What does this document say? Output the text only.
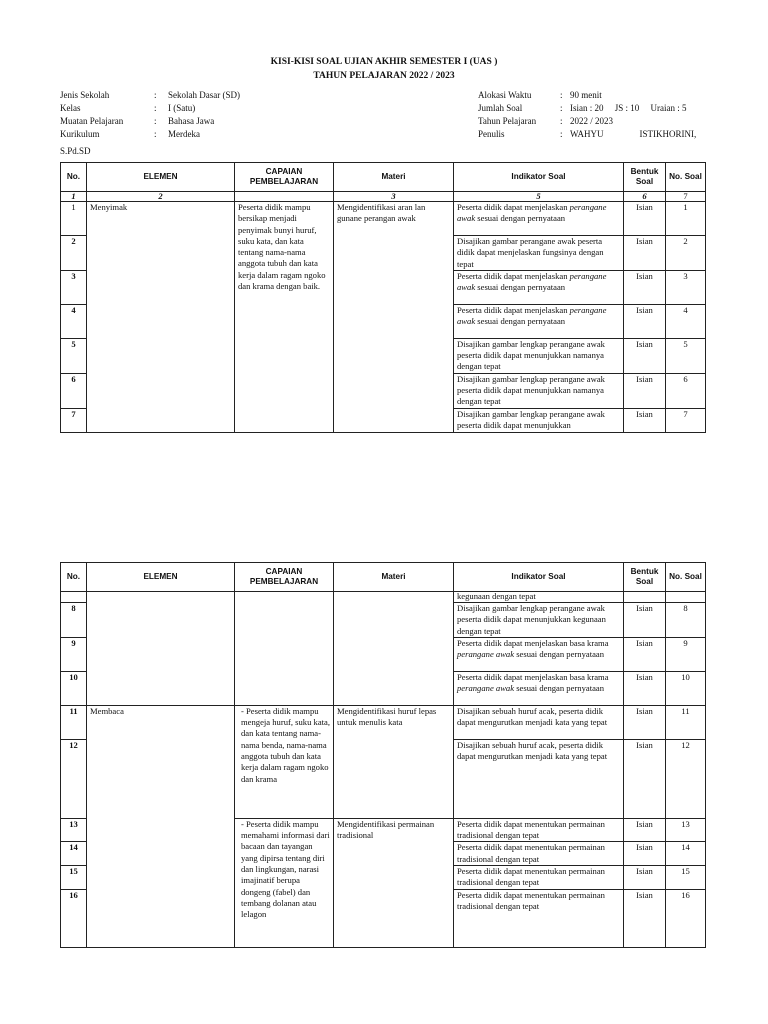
KISI-KISI SOAL UJIAN AKHIR SEMESTER I (UAS )
TAHUN PELAJARAN 2022 / 2023
Jenis Sekolah	:	Sekolah Dasar (SD)
Kelas	:	I (Satu)
Muatan Pelajaran	:	Bahasa Jawa
Kurikulum	:	Merdeka
Alokasi Waktu	: 90 menit
Jumlah Soal	: Isian : 20     JS : 10     Uraian : 5
Tahun Pelajaran	: 2022 / 2023
Penulis	: WAHYU                ISTIKHORINI,
S.Pd.SD
No.	ELEMEN	CAPAIAN PEMBELAJARAN	Materi	Indikator Soal	Bentuk Soal	No. Soal
1	2		3	5	6	7
1	Menyimak	Peserta didik mampu bersikap menjadi penyimak bunyi huruf, suku kata, dan kata tentang nama-nama anggota tubuh dan kata kerja dalam ragam ngoko dan krama dengan baik.	Mengidentifikasi aran lan gunane perangan awak	Peserta didik dapat menjelaskan perangane awak sesuai dengan pernyataan	Isian	1
2				Disajikan gambar perangane awak peserta didik dapat menjelaskan fungsinya dengan tepat	Isian	2
3				Peserta didik dapat menjelaskan perangane awak sesuai dengan pernyataan	Isian	3
4				Peserta didik dapat menjelaskan perangane awak sesuai dengan pernyataan	Isian	4
5				Disajikan gambar lengkap perangane awak peserta didik dapat menunjukkan namanya dengan tepat	Isian	5
6				Disajikan gambar lengkap perangane awak peserta didik dapat menunjukkan namanya dengan tepat	Isian	6
7				Disajikan gambar lengkap perangane awak peserta didik dapat menunjukkan	Isian	7
No.	ELEMEN	CAPAIAN PEMBELAJARAN	Materi	Indikator Soal	Bentuk Soal	No. Soal
				kegunaan dengan tepat		
8				Disajikan gambar lengkap perangane awak peserta didik dapat menunjukkan kegunaan dengan tepat	Isian	8
9				Peserta didik dapat menjelaskan basa krama perangane awak sesuai dengan pernyataan	Isian	9
10				Peserta didik dapat menjelaskan basa krama perangane awak sesuai dengan pernyataan	Isian	10
11	Membaca	- Peserta didik mampu mengeja huruf, suku kata, dan kata tentang nama-nama benda, nama-nama anggota tubuh dan kata kerja dalam ragam ngoko dan krama	Mengidentifikasi huruf lepas untuk menulis kata	Disajikan sebuah huruf acak, peserta didik dapat mengurutkan menjadi kata yang tepat	Isian	11
12				Disajikan sebuah huruf acak, peserta didik dapat mengurutkan menjadi kata yang tepat	Isian	12
13		- Peserta didik mampu memahami informasi dari bacaan dan tayangan yang dipirsa tentang diri dan lingkungan, narasi imajinatif berupa dongeng (fabel) dan tembang dolanan atau lelagon	Mengidentifikasi permainan tradisional	Peserta didik dapat menentukan permainan tradisional dengan tepat	Isian	13
14				Peserta didik dapat menentukan permainan tradisional dengan tepat	Isian	14
15				Peserta didik dapat menentukan permainan tradisional dengan tepat	Isian	15
16				Peserta didik dapat menentukan permainan tradisional dengan tepat	Isian	16
